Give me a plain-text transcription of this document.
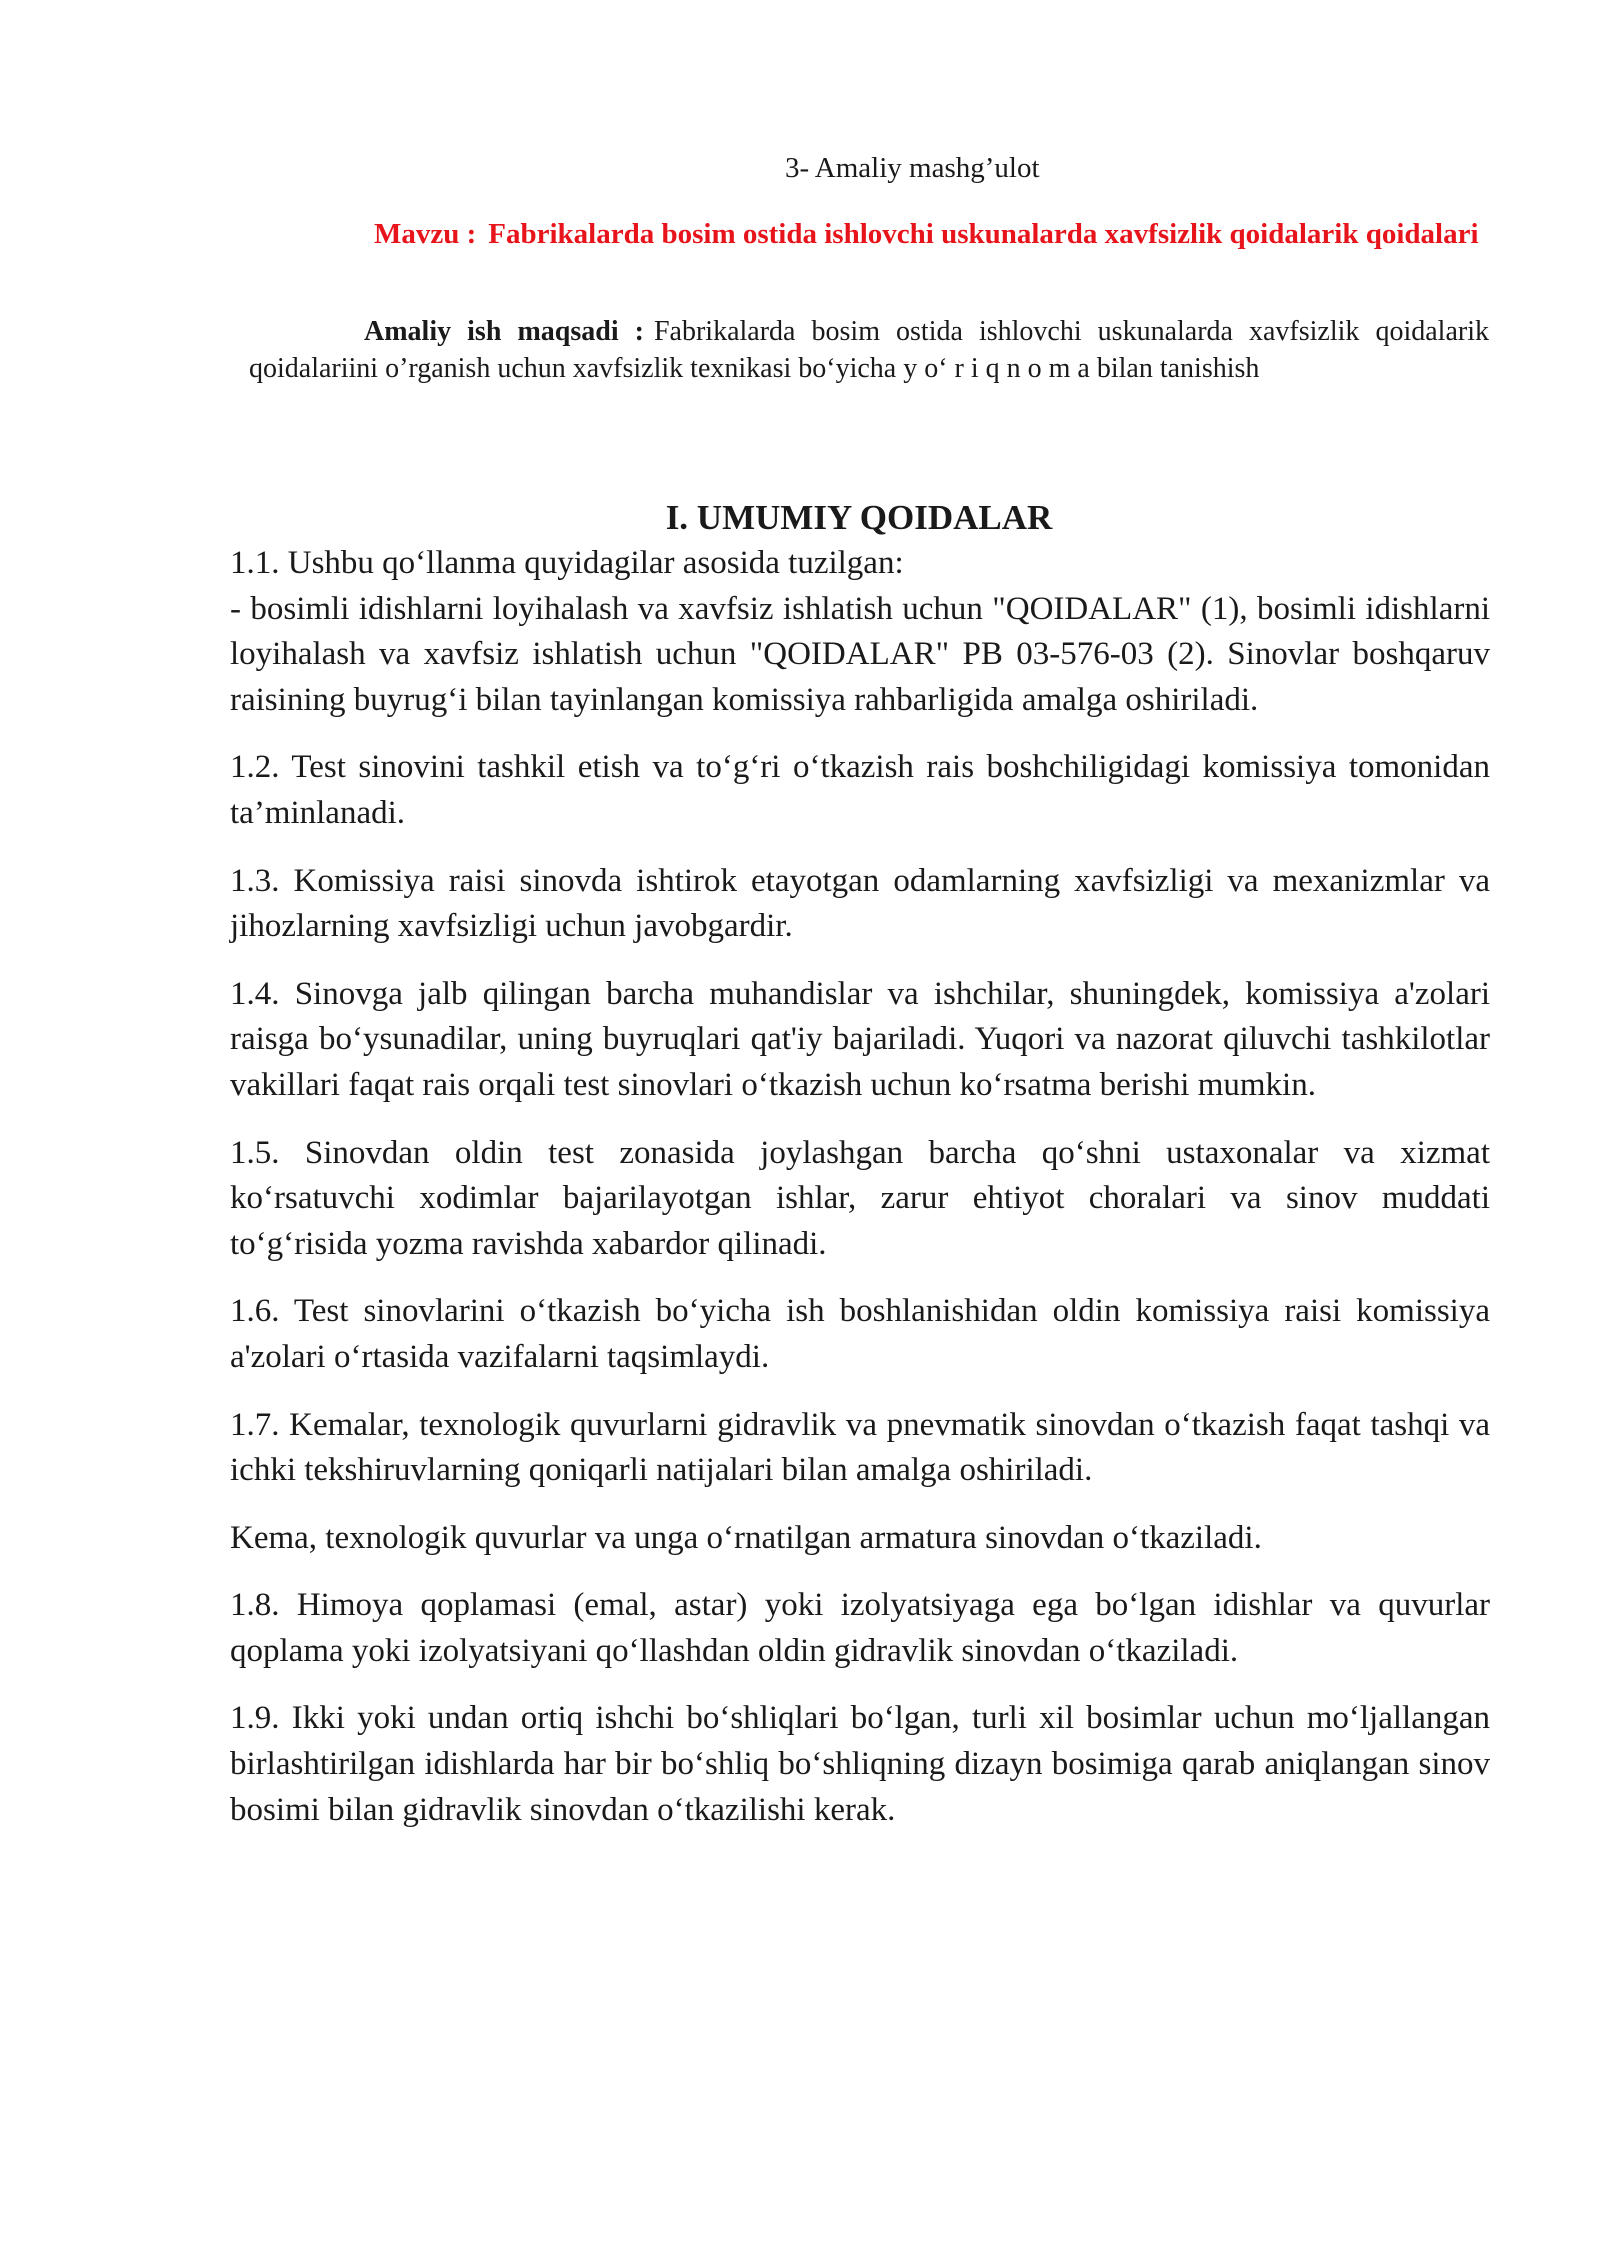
3- Amaliy mashg’ulot
Mavzu : Fabrikalarda bosim ostida ishlovchi uskunalarda xavfsizlik qoidalarik qoidalari
Amaliy ish maqsadi : Fabrikalarda bosim ostida ishlovchi uskunalarda xavfsizlik qoidalarik qoidalariini o’rganish uchun xavfsizlik texnikasi bo‘yicha y o‘ r i q n o m a bilan tanishish
I. UMUMIY QOIDALAR

1.1. Ushbu qo‘llanma quyidagilar asosida tuzilgan:
- bosimli idishlarni loyihalash va xavfsiz ishlatish uchun "QOIDALAR" (1), bosimli idishlarni loyihalash va xavfsiz ishlatish uchun "QOIDALAR" PB 03-576-03 (2). Sinovlar boshqaruv raisining buyrug‘i bilan tayinlangan komissiya rahbarligida amalga oshiriladi.

1.2. Test sinovini tashkil etish va to‘g‘ri o‘tkazish rais boshchiligidagi komissiya tomonidan ta’minlanadi.

1.3. Komissiya raisi sinovda ishtirok etayotgan odamlarning xavfsizligi va mexanizmlar va jihozlarning xavfsizligi uchun javobgardir.

1.4. Sinovga jalb qilingan barcha muhandislar va ishchilar, shuningdek, komissiya a'zolari raisga bo‘ysunadilar, uning buyruqlari qat'iy bajariladi. Yuqori va nazorat qiluvchi tashkilotlar vakillari faqat rais orqali test sinovlari o‘tkazish uchun ko‘rsatma berishi mumkin.

1.5. Sinovdan oldin test zonasida joylashgan barcha qo‘shni ustaxonalar va xizmat ko‘rsatuvchi xodimlar bajarilayotgan ishlar, zarur ehtiyot choralari va sinov muddati to‘g‘risida yozma ravishda xabardor qilinadi.

1.6. Test sinovlarini o‘tkazish bo‘yicha ish boshlanishidan oldin komissiya raisi komissiya a'zolari o‘rtasida vazifalarni taqsimlaydi.

1.7. Kemalar, texnologik quvurlarni gidravlik va pnevmatik sinovdan o‘tkazish faqat tashqi va ichki tekshiruvlarning qoniqarli natijalari bilan amalga oshiriladi.

Kema, texnologik quvurlar va unga o‘rnatilgan armatura sinovdan o‘tkaziladi.

1.8. Himoya qoplamasi (emal, astar) yoki izolyatsiyaga ega bo‘lgan idishlar va quvurlar qoplama yoki izolyatsiyani qo‘llashdan oldin gidravlik sinovdan o‘tkaziladi.

1.9. Ikki yoki undan ortiq ishchi bo‘shliqlari bo‘lgan, turli xil bosimlar uchun mo‘ljallangan birlashtirilgan idishlarda har bir bo‘shliq bo‘shliqning dizayn bosimiga qarab aniqlangan sinov bosimi bilan gidravlik sinovdan o‘tkazilishi kerak.
